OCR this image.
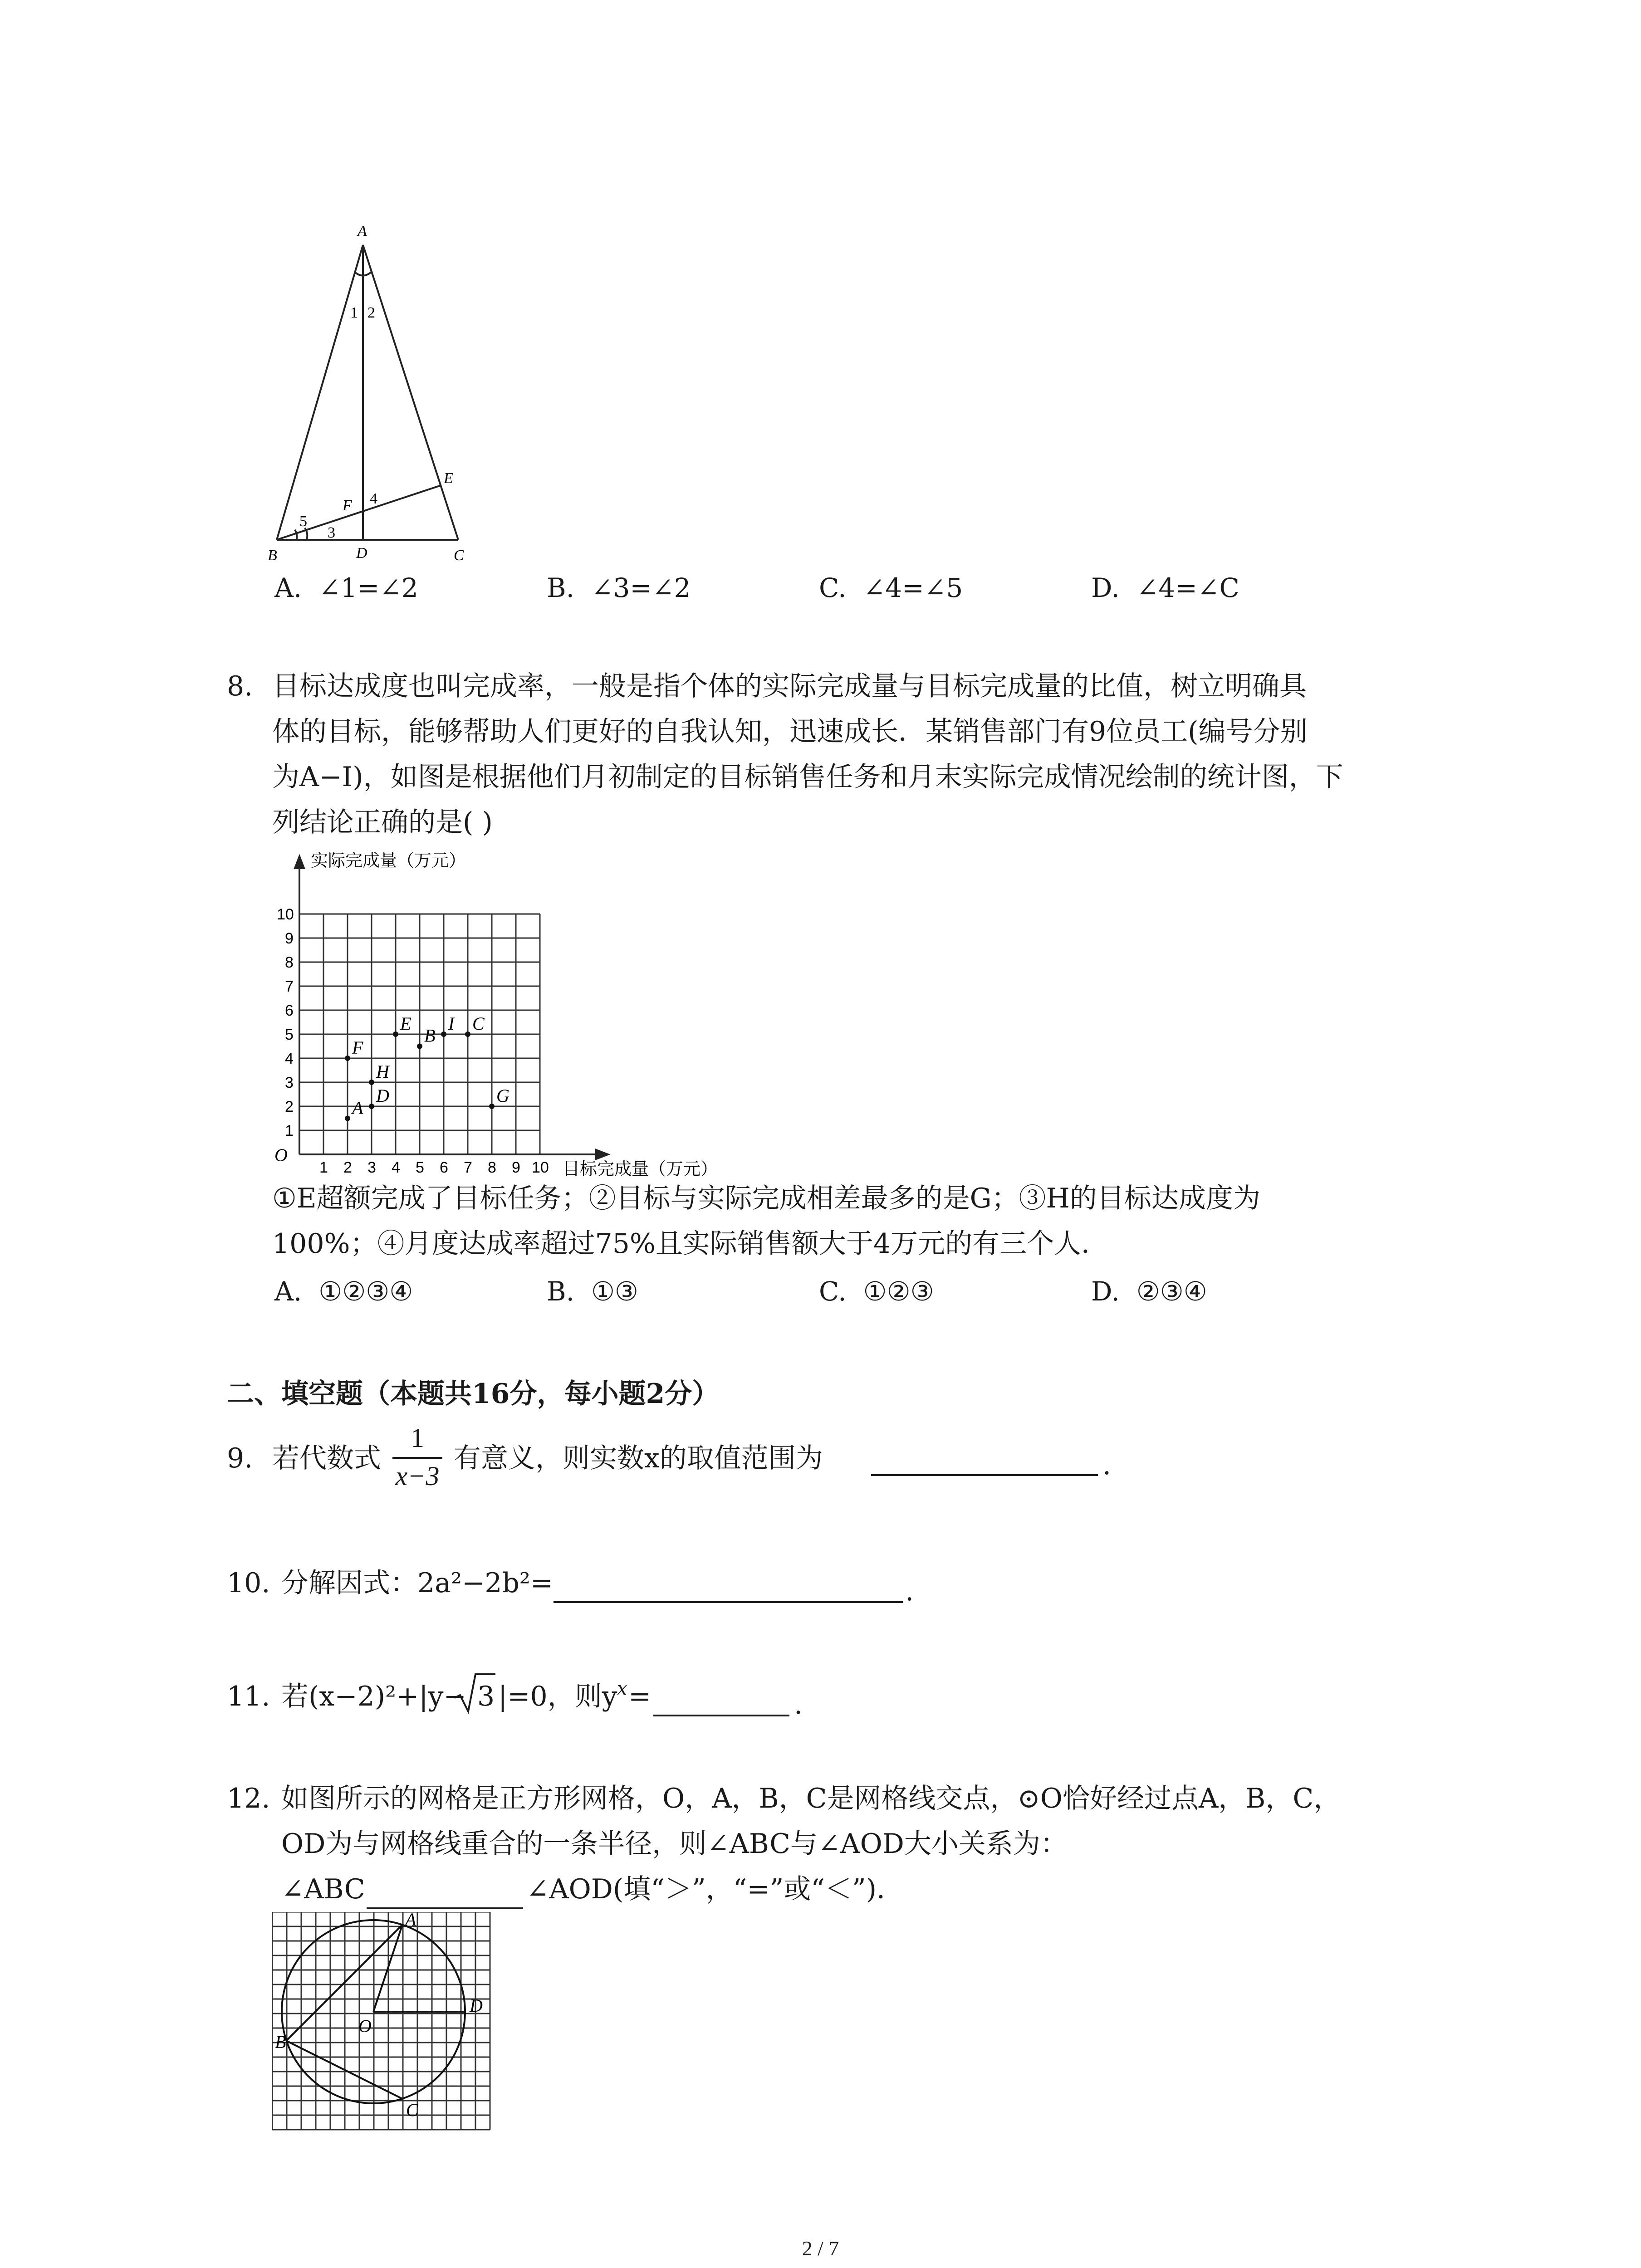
A
B	C
D
E
F
1 2
3
4
5
A. ∠1=∠2	B. ∠3=∠2	C. ∠4=∠5	D. ∠4=∠C
8. 目标达成度也叫完成率，一般是指个体的实际完成量与目标完成量的比值，树立明确具
体的目标，能够帮助人们更好的自我认知，迅速成长．某销售部门有9位员工(编号分别
为A−I)，如图是根据他们月初制定的目标销售任务和月末实际完成情况绘制的统计图，下
列结论正确的是( )
1 2 3 4 5 6 7 8 9 10
1
2
3
4
5
6
7
8
9
10
A
B
C
D
E
F
G
H
I
实际完成量（万元）
目标完成量（万元）
O
①E超额完成了目标任务；②目标与实际完成相差最多的是G；③H的目标达成度为
100%；④月度达成率超过75%且实际销售额大于4万元的有三个人．
A. ①②③④	B. ①③	C. ①②③	D. ②③④
二、填空题（本题共16分，每小题2分）
9. 若代数式
1
x−3
有意义，则实数x的取值范围为	.
10. 分解因式：2a²−2b²=	.
11. 若(x−2)²+|y− 3 |=0，则y x =	.
12. 如图所示的网格是正方形网格，O，A，B，C是网格线交点，⊙O恰好经过点A，B，C，
OD为与网格线重合的一条半径，则∠ABC与∠AOD大小关系为：
∠ABC	∠AOD(填“＞”，“=”或“＜”)．
A
B
C
D
O
2 / 7
